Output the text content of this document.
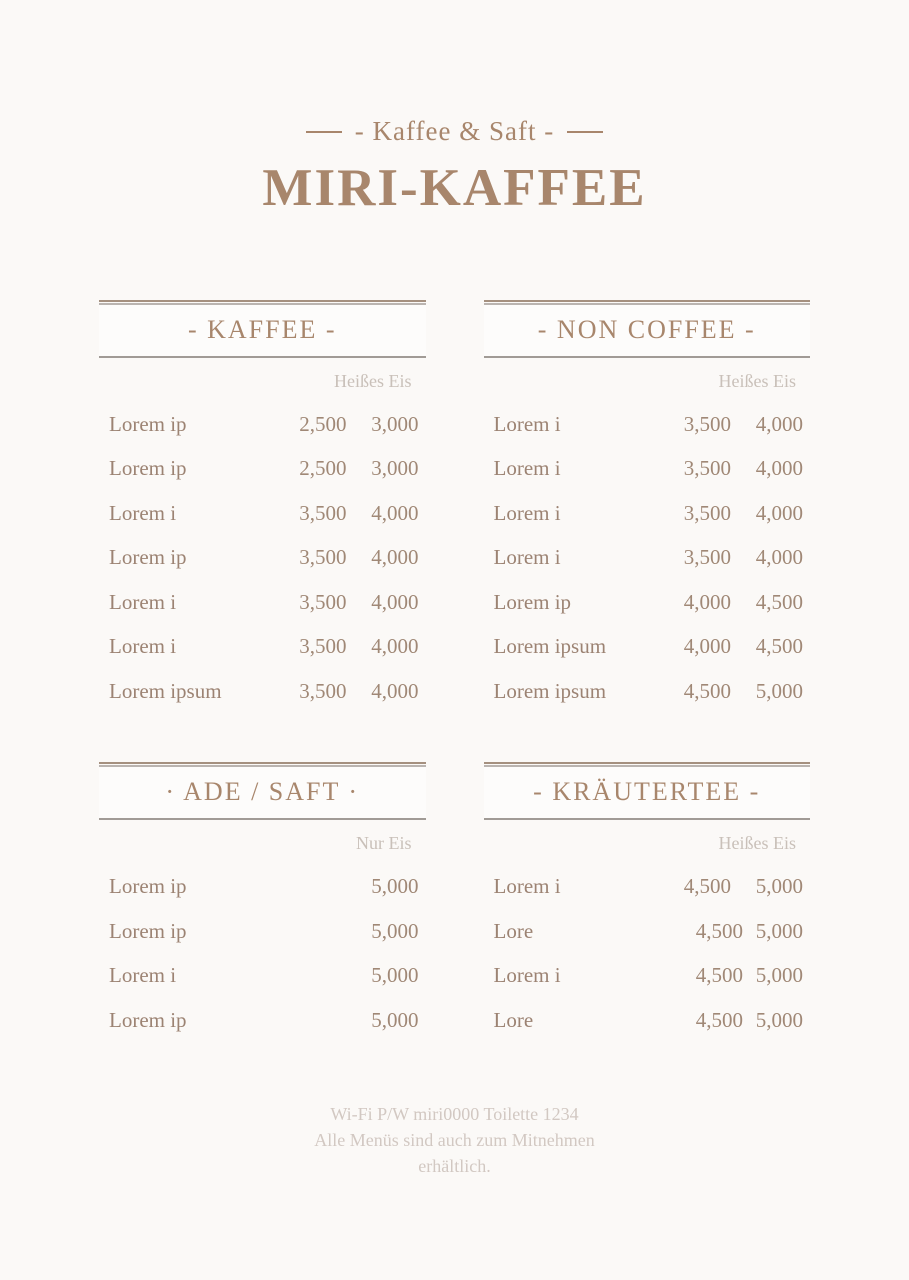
- Kaffee & Saft -
MIRI-KAFFEE
- KAFFEE -
Heißes Eis
Lorem ip	2,500	3,000
Lorem ip	2,500	3,000
Lorem i	3,500	4,000
Lorem ip	3,500	4,000
Lorem i	3,500	4,000
Lorem i	3,500	4,000
Lorem ipsum	3,500	4,000
- NON COFFEE -
Heißes Eis
Lorem i	3,500	4,000
Lorem i	3,500	4,000
Lorem i	3,500	4,000
Lorem i	3,500	4,000
Lorem ip	4,000	4,500
Lorem ipsum	4,000	4,500
Lorem ipsum	4,500	5,000
· ADE / SAFT ·
Nur Eis
Lorem ip	5,000
Lorem ip	5,000
Lorem i	5,000
Lorem ip	5,000
- KRÄUTERTEE -
Heißes Eis
Lorem i	4,500	5,000
Lore	4,500 5,000
Lorem i	4,500 5,000
Lore	4,500 5,000

Wi-Fi P/W miri0000 Toilette 1234

Alle Menüs sind auch zum Mitnehmen

erhältlich.
